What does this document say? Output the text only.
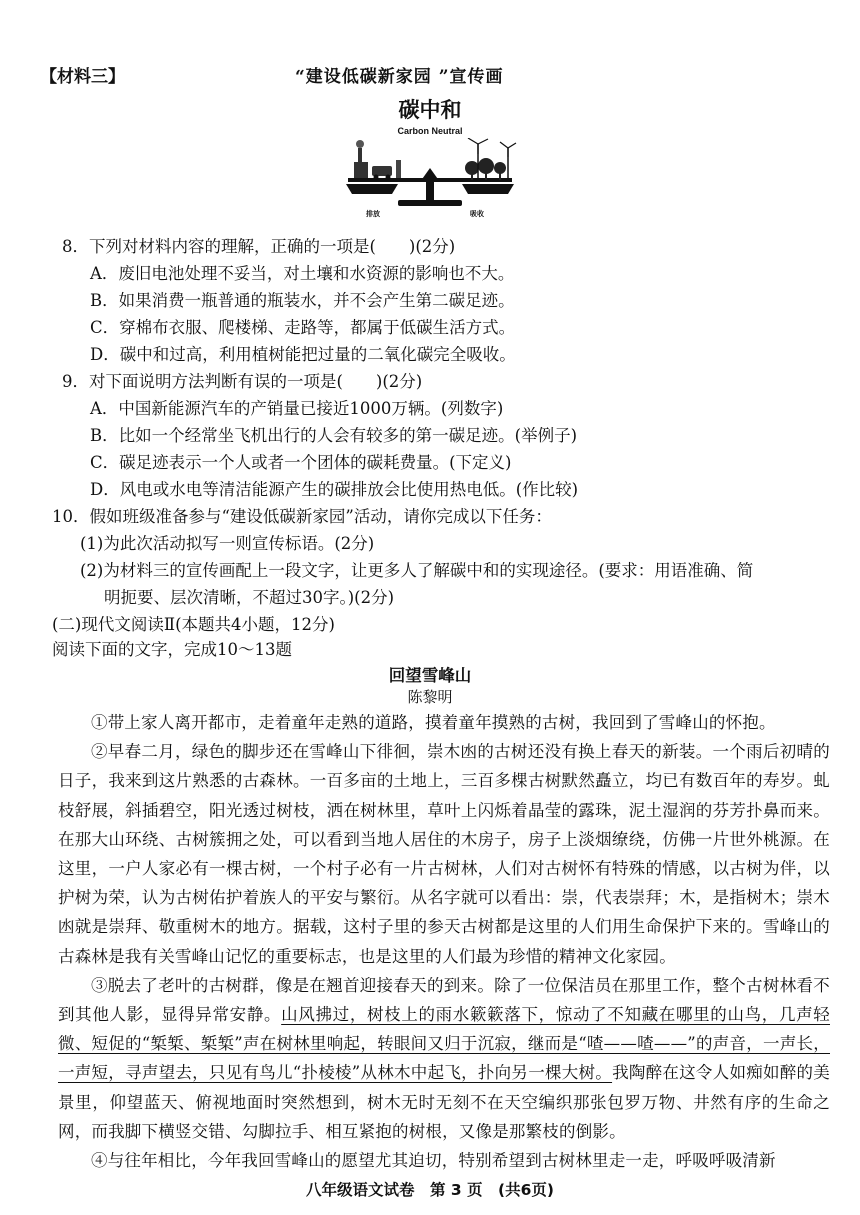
【材料三】	“建设低碳新家园 ”宣传画
碳中和
Carbon Neutral
排放	吸收
8．下列对材料内容的理解，正确的一项是(　　)(2分)
A．废旧电池处理不妥当，对土壤和水资源的影响也不大。
B．如果消费一瓶普通的瓶装水，并不会产生第二碳足迹。
C．穿棉布衣服、爬楼梯、走路等，都属于低碳生活方式。
D．碳中和过高，利用植树能把过量的二氧化碳完全吸收。
9．对下面说明方法判断有误的一项是(　　)(2分)
A．中国新能源汽车的产销量已接近1000万辆。(列数字)
B．比如一个经常坐飞机出行的人会有较多的第一碳足迹。(举例子)
C．碳足迹表示一个人或者一个团体的碳耗费量。(下定义)
D．风电或水电等清洁能源产生的碳排放会比使用热电低。(作比较)
10．假如班级准备参与“建设低碳新家园”活动，请你完成以下任务：
(1)为此次活动拟写一则宣传标语。(2分)
(2)为材料三的宣传画配上一段文字，让更多人了解碳中和的实现途径。(要求：用语准确、简
明扼要、层次清晰，不超过30字。)(2分)
(二)现代文阅读Ⅱ(本题共4小题，12分)
阅读下面的文字，完成10～13题
回望雪峰山
陈黎明

①带上家人离开都市，走着童年走熟的道路，摸着童年摸熟的古树，我回到了雪峰山的怀抱。

②早春二月，绿色的脚步还在雪峰山下徘徊，崇木凼的古树还没有换上春天的新装。一个雨后初晴的日子，我来到这片熟悉的古森林。一百多亩的土地上，三百多棵古树默然矗立，均已有数百年的寿岁。虬枝舒展，斜插碧空，阳光透过树枝，洒在树林里，草叶上闪烁着晶莹的露珠，泥土湿润的芬芳扑鼻而来。在那大山环绕、古树簇拥之处，可以看到当地人居住的木房子，房子上淡烟缭绕，仿佛一片世外桃源。在这里，一户人家必有一棵古树，一个村子必有一片古树林，人们对古树怀有特殊的情感，以古树为伴，以护树为荣，认为古树佑护着族人的平安与繁衍。从名字就可以看出：崇，代表崇拜；木，是指树木；崇木凼就是崇拜、敬重树木的地方。据载，这村子里的参天古树都是这里的人们用生命保护下来的。雪峰山的古森林是我有关雪峰山记忆的重要标志，也是这里的人们最为珍惜的精神文化家园。

③脱去了老叶的古树群，像是在翘首迎接春天的到来。除了一位保洁员在那里工作，整个古树林看不到其他人影，显得异常安静。山风拂过，树枝上的雨水簌簌落下，惊动了不知藏在哪里的山鸟，几声轻微、短促的“椠椠、椠椠”声在树林里响起，转眼间又归于沉寂，继而是“喳——喳——”的声音，一声长，一声短，寻声望去，只见有鸟儿“扑棱棱”从林木中起飞，扑向另一棵大树。我陶醉在这令人如痴如醉的美景里，仰望蓝天、俯视地面时突然想到，树木无时无刻不在天空编织那张包罗万物、井然有序的生命之网，而我脚下横竖交错、勾脚拉手、相互紧抱的树根，又像是那繁枝的倒影。

④与往年相比，今年我回雪峰山的愿望尤其迫切，特别希望到古树林里走一走，呼吸呼吸清新

八年级语文试卷　第 3 页　(共6页)
